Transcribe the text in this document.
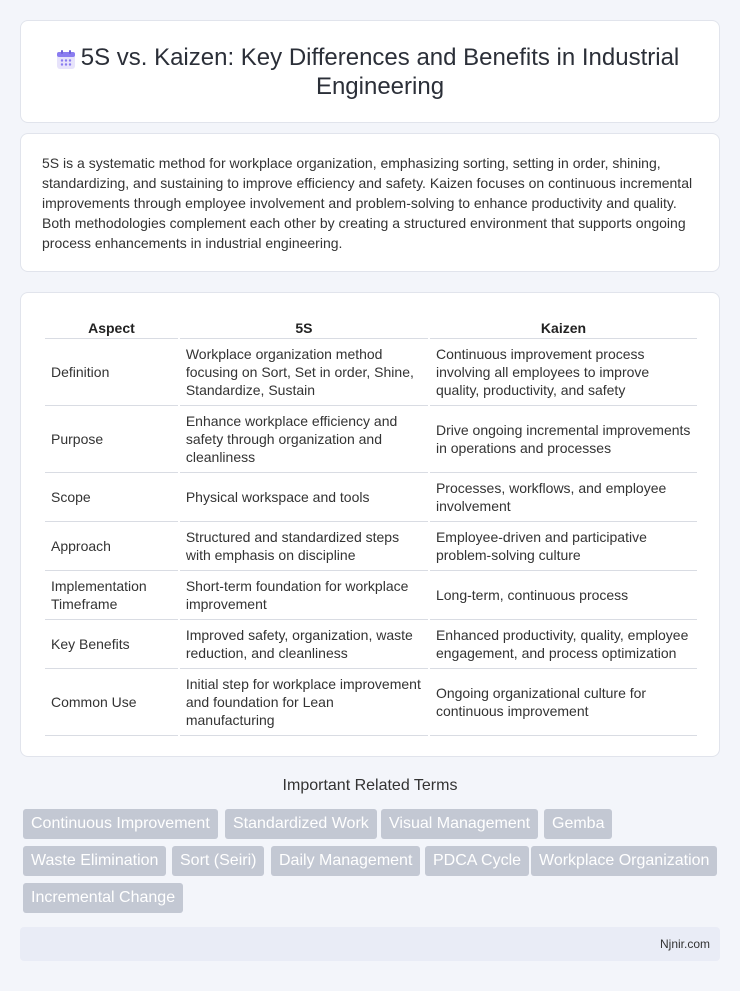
5S vs. Kaizen: Key Differences and Benefits in Industrial Engineering

5S is a systematic method for workplace organization, emphasizing sorting, setting in order, shining, standardizing, and sustaining to improve efficiency and safety. Kaizen focuses on continuous incremental improvements through employee involvement and problem-solving to enhance productivity and quality. Both methodologies complement each other by creating a structured environment that supports ongoing process enhancements in industrial engineering.

Aspect	5S	Kaizen
Definition	Workplace organization method focusing on Sort, Set in order, Shine, Standardize, Sustain	Continuous improvement process involving all employees to improve quality, productivity, and safety
Purpose	Enhance workplace efficiency and safety through organization and cleanliness	Drive ongoing incremental improvements in operations and processes
Scope	Physical workspace and tools	Processes, workflows, and employee involvement
Approach	Structured and standardized steps with emphasis on discipline	Employee-driven and participative problem-solving culture
Implementation Timeframe	Short-term foundation for workplace improvement	Long-term, continuous process
Key Benefits	Improved safety, organization, waste reduction, and cleanliness	Enhanced productivity, quality, employee engagement, and process optimization
Common Use	Initial step for workplace improvement and foundation for Lean manufacturing	Ongoing organizational culture for continuous improvement
Important Related Terms
Continuous Improvement	Standardized Work	Visual Management	Gemba
Waste Elimination	Sort (Seiri)	Daily Management	PDCA Cycle	Workplace Organization
Incremental Change
Njnir.com
